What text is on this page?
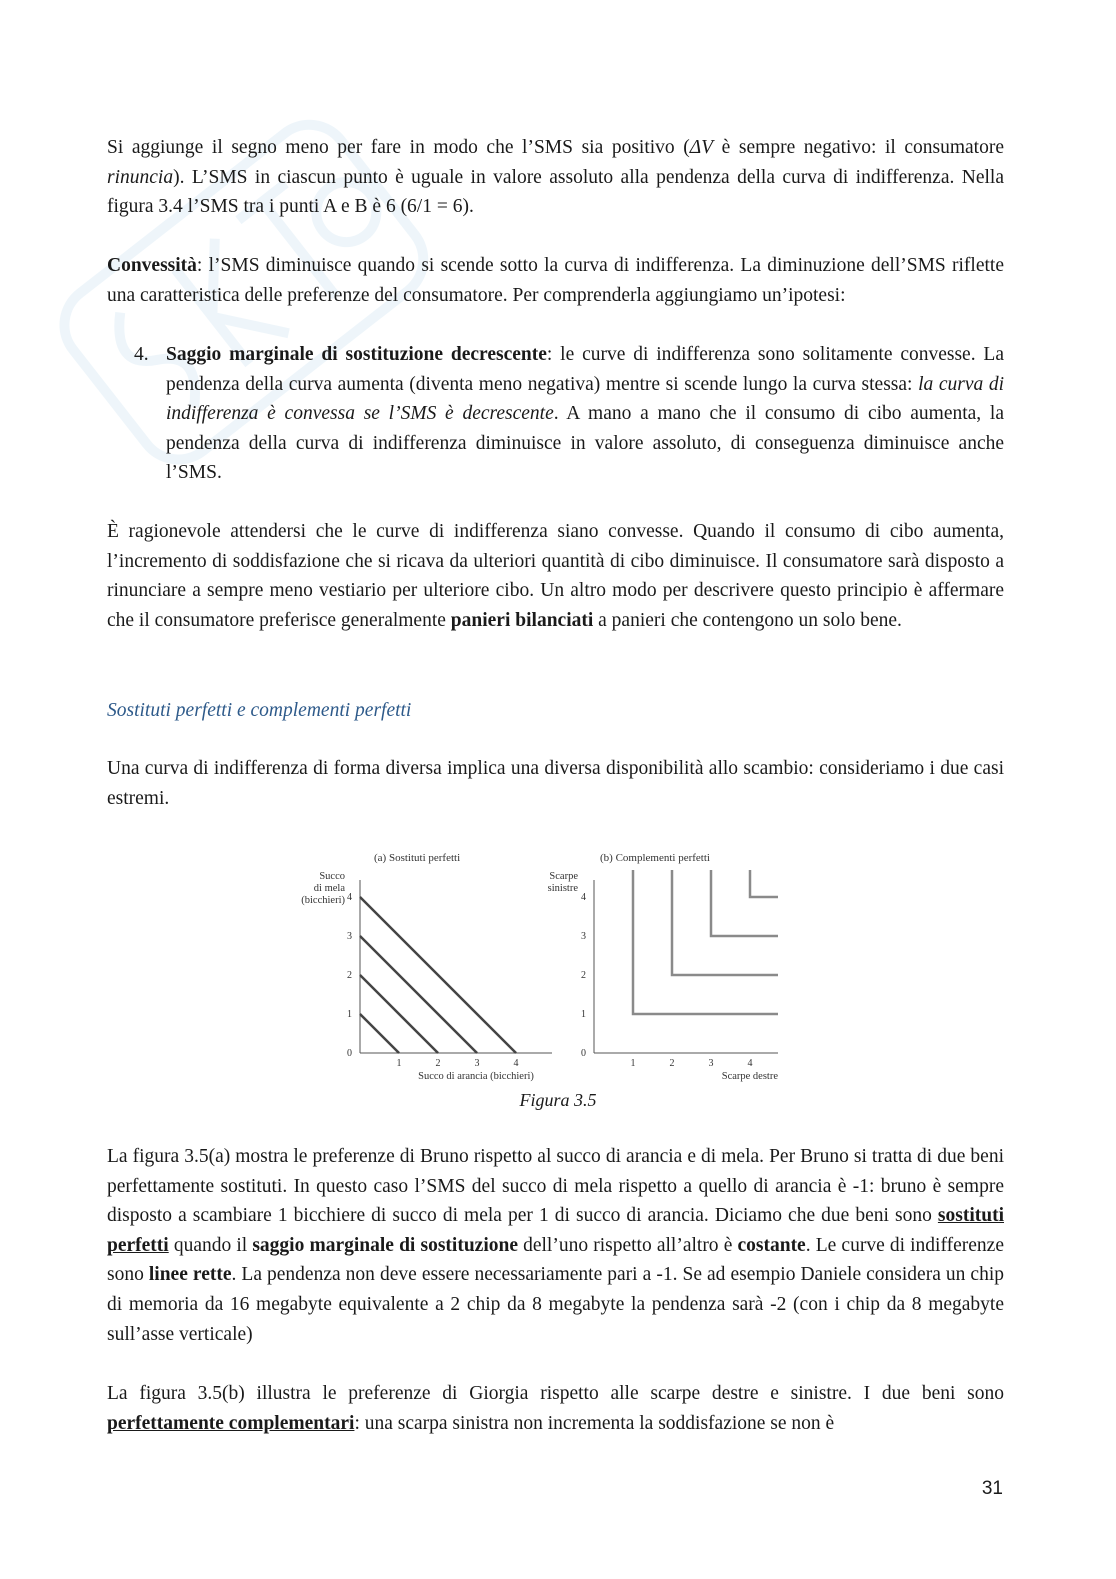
Si aggiunge il segno meno per fare in modo che l’SMS sia positivo (ΔV è sempre negativo: il consumatore rinuncia). L’SMS in ciascun punto è uguale in valore assoluto alla pendenza della curva di indifferenza. Nella figura 3.4 l’SMS tra i punti A e B è 6 (6/1 = 6).

Convessità: l’SMS diminuisce quando si scende sotto la curva di indifferenza. La diminuzione dell’SMS riflette una caratteristica delle preferenze del consumatore. Per comprenderla aggiungiamo un’ipotesi:

4. Saggio marginale di sostituzione decrescente: le curve di indifferenza sono solitamente convesse. La pendenza della curva aumenta (diventa meno negativa) mentre si scende lungo la curva stessa: la curva di indifferenza è convessa se l’SMS è decrescente. A mano a mano che il consumo di cibo aumenta, la pendenza della curva di indifferenza diminuisce in valore assoluto, di conseguenza diminuisce anche l’SMS.

È ragionevole attendersi che le curve di indifferenza siano convesse. Quando il consumo di cibo aumenta, l’incremento di soddisfazione che si ricava da ulteriori quantità di cibo diminuisce. Il consumatore sarà disposto a rinunciare a sempre meno vestiario per ulteriore cibo. Un altro modo per descrivere questo principio è affermare che il consumatore preferisce generalmente panieri bilanciati a panieri che contengono un solo bene.

Sostituti perfetti e complementi perfetti

Una curva di indifferenza di forma diversa implica una diversa disponibilità allo scambio: consideriamo i due casi estremi.

(a) Sostituti perfetti
Succo
di mela
(bicchieri)
0
1
2
3
4
1	2	3	4
Succo di arancia (bicchieri)
(b) Complementi perfetti
Scarpe
sinistre
0
1
2
3
4
1	2	3	4
Scarpe destre
Figura 3.5

La figura 3.5(a) mostra le preferenze di Bruno rispetto al succo di arancia e di mela. Per Bruno si tratta di due beni perfettamente sostituti. In questo caso l’SMS del succo di mela rispetto a quello di arancia è -1: bruno è sempre disposto a scambiare 1 bicchiere di succo di mela per 1 di succo di arancia. Diciamo che due beni sono sostituti perfetti quando il saggio marginale di sostituzione dell’uno rispetto all’altro è costante. Le curve di indifferenze sono linee rette. La pendenza non deve essere necessariamente pari a -1. Se ad esempio Daniele considera un chip di memoria da 16 megabyte equivalente a 2 chip da 8 megabyte la pendenza sarà -2 (con i chip da 8 megabyte sull’asse verticale)

La figura 3.5(b) illustra le preferenze di Giorgia rispetto alle scarpe destre e sinistre. I due beni sono perfettamente complementari: una scarpa sinistra non incrementa la soddisfazione se non è

31
